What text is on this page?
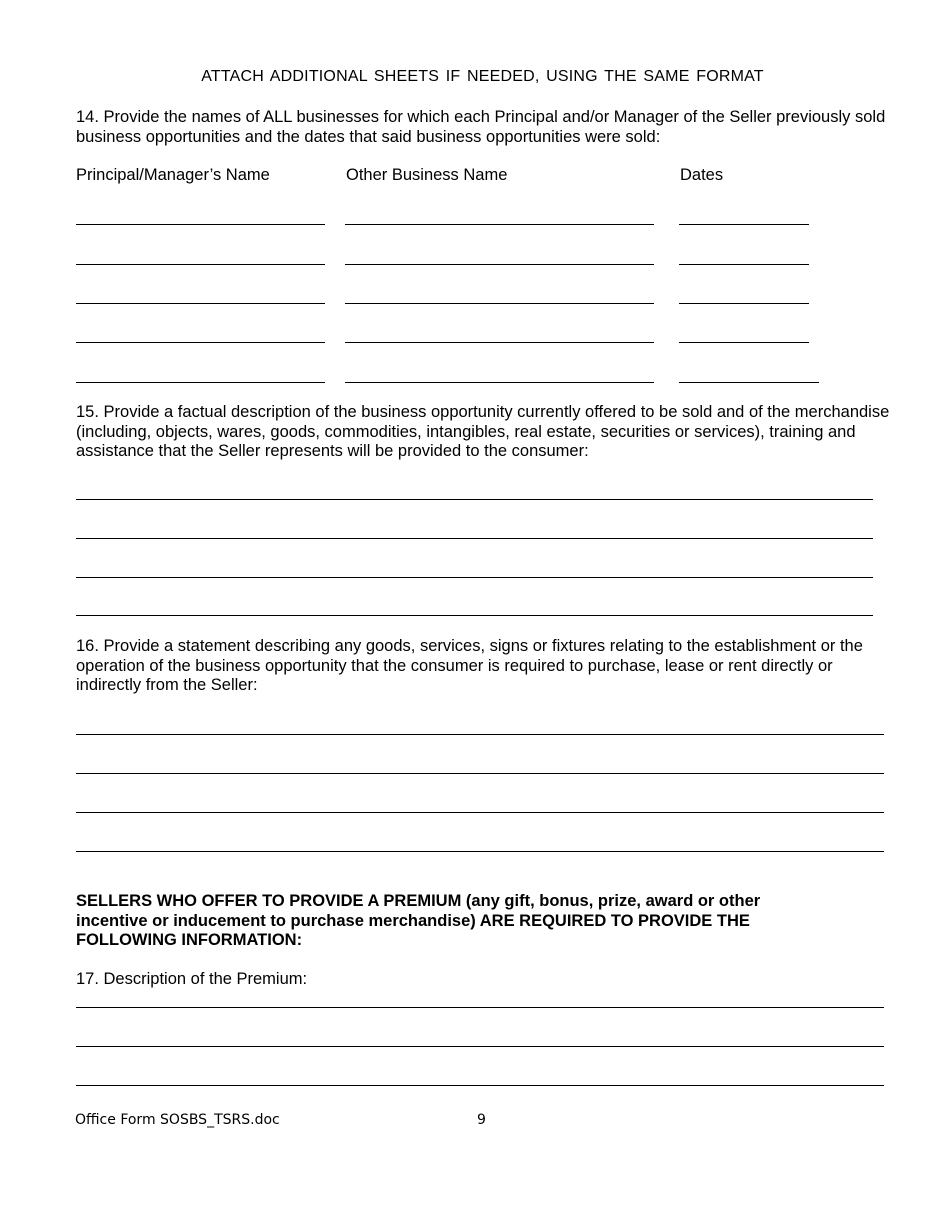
ATTACH ADDITIONAL SHEETS IF NEEDED, USING THE SAME FORMAT
14. Provide the names of ALL businesses for which each Principal and/or Manager of the Seller previously sold business opportunities and the dates that said business opportunities were sold:
Principal/Manager’s Name	Other Business Name	Dates
15. Provide a factual description of the business opportunity currently offered to be sold and of the merchandise (including, objects, wares, goods, commodities, intangibles, real estate, securities or services), training and assistance that the Seller represents will be provided to the consumer:
16. Provide a statement describing any goods, services, signs or fixtures relating to the establishment or the operation of the business opportunity that the consumer is required to purchase, lease or rent directly or indirectly from the Seller:
SELLERS WHO OFFER TO PROVIDE A PREMIUM (any gift, bonus, prize, award or other incentive or inducement to purchase merchandise) ARE REQUIRED TO PROVIDE THE FOLLOWING INFORMATION:
17. Description of the Premium:
Office Form SOSBS_TSRS.doc	9
